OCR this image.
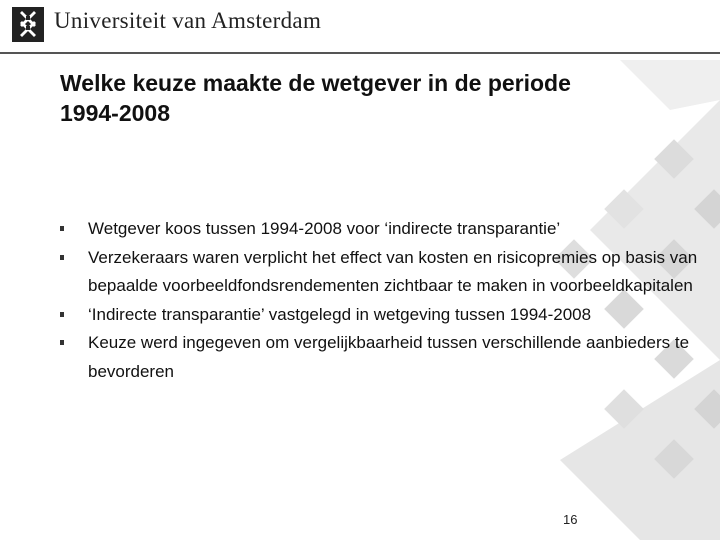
Universiteit van Amsterdam
Welke keuze maakte de wetgever in de periode 1994-2008
Wetgever koos tussen 1994-2008 voor ‘indirecte transparantie’
Verzekeraars waren verplicht het effect van kosten en risicopremies op basis van bepaalde voorbeeldfondsrendementen zichtbaar te maken in voorbeeldkapitalen
‘Indirecte transparantie’ vastgelegd in wetgeving tussen 1994-2008
Keuze werd ingegeven om vergelijkbaarheid tussen verschillende aanbieders te bevorderen
16
